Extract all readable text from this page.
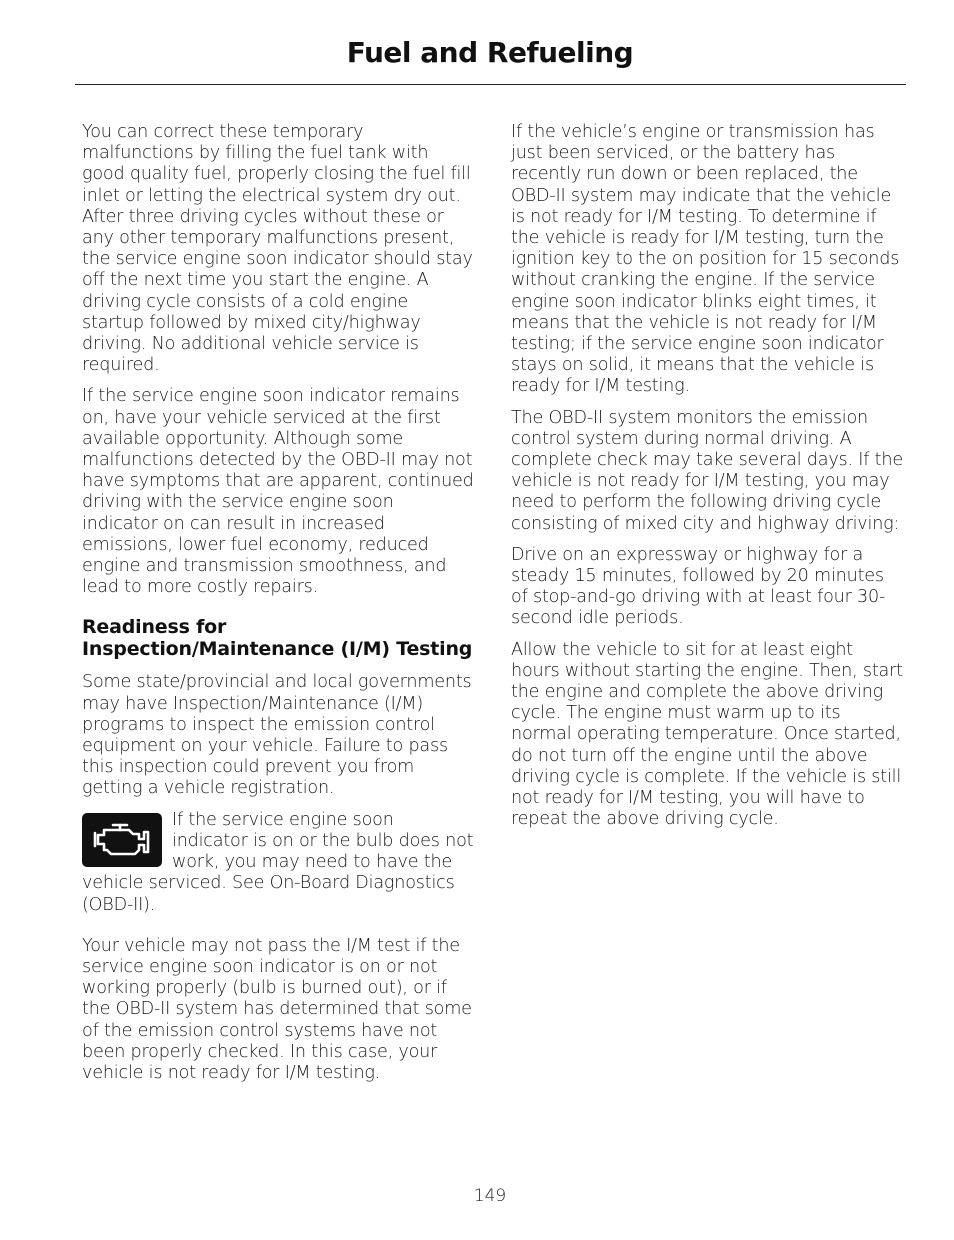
Fuel and Refueling

You can correct these temporary malfunctions by filling the fuel tank with good quality fuel, properly closing the fuel fill inlet or letting the electrical system dry out. After three driving cycles without these or any other temporary malfunctions present, the service engine soon indicator should stay off the next time you start the engine. A driving cycle consists of a cold engine startup followed by mixed city/highway driving. No additional vehicle service is required.

If the service engine soon indicator remains on, have your vehicle serviced at the first available opportunity. Although some malfunctions detected by the OBD-II may not have symptoms that are apparent, continued driving with the service engine soon indicator on can result in increased emissions, lower fuel economy, reduced engine and transmission smoothness, and lead to more costly repairs.

Readiness for Inspection/Maintenance (I/M) Testing

Some state/provincial and local governments may have Inspection/Maintenance (I/M) programs to inspect the emission control equipment on your vehicle. Failure to pass this inspection could prevent you from getting a vehicle registration.

If the service engine soon indicator is on or the bulb does not work, you may need to have the vehicle serviced. See On-Board Diagnostics (OBD-II).

Your vehicle may not pass the I/M test if the service engine soon indicator is on or not working properly (bulb is burned out), or if the OBD-II system has determined that some of the emission control systems have not been properly checked. In this case, your vehicle is not ready for I/M testing.

If the vehicle’s engine or transmission has just been serviced, or the battery has recently run down or been replaced, the OBD-II system may indicate that the vehicle is not ready for I/M testing. To determine if the vehicle is ready for I/M testing, turn the ignition key to the on position for 15 seconds without cranking the engine. If the service engine soon indicator blinks eight times, it means that the vehicle is not ready for I/M testing; if the service engine soon indicator stays on solid, it means that the vehicle is ready for I/M testing.

The OBD-II system monitors the emission control system during normal driving. A complete check may take several days. If the vehicle is not ready for I/M testing, you may need to perform the following driving cycle consisting of mixed city and highway driving:

Drive on an expressway or highway for a steady 15 minutes, followed by 20 minutes of stop-and-go driving with at least four 30-second idle periods.

Allow the vehicle to sit for at least eight hours without starting the engine. Then, start the engine and complete the above driving cycle. The engine must warm up to its normal operating temperature. Once started, do not turn off the engine until the above driving cycle is complete. If the vehicle is still not ready for I/M testing, you will have to repeat the above driving cycle.

149
